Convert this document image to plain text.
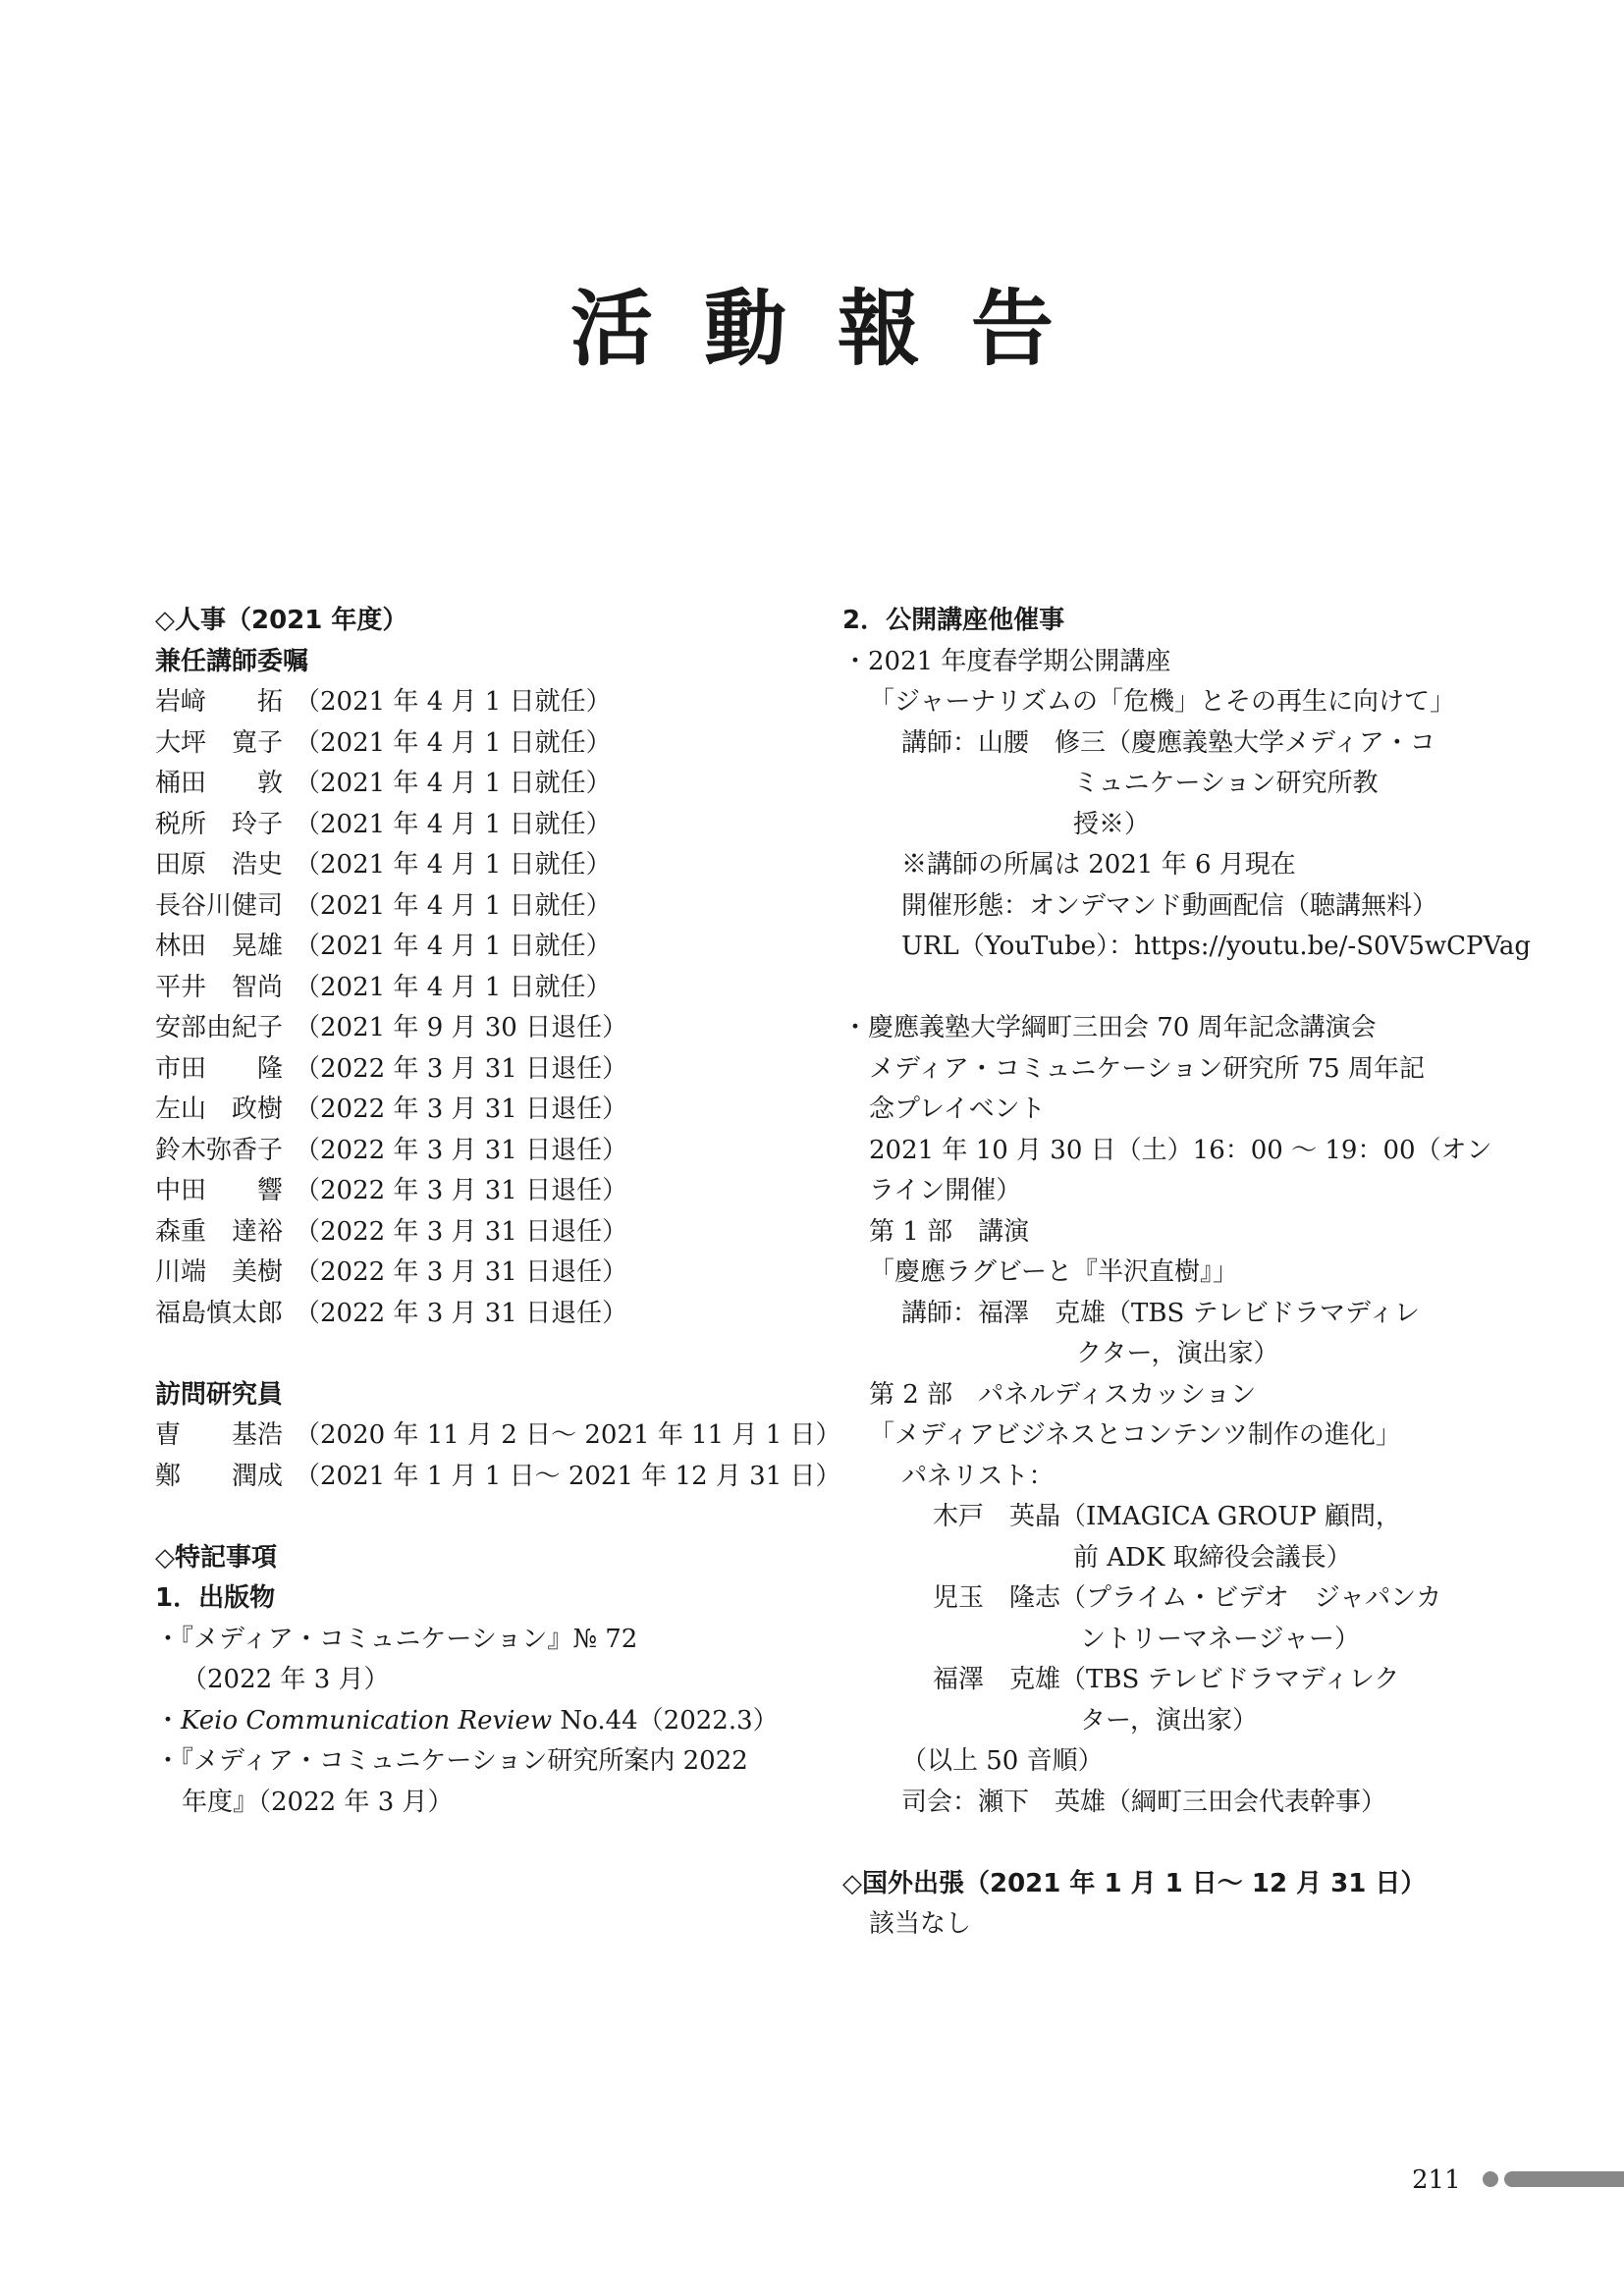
活動報告
◇人事（2021 年度）
兼任講師委嘱
岩﨑　　拓 （2021 年 4 月 1 日就任）
大坪　寛子 （2021 年 4 月 1 日就任）
桶田　　敦 （2021 年 4 月 1 日就任）
税所　玲子 （2021 年 4 月 1 日就任）
田原　浩史 （2021 年 4 月 1 日就任）
長谷川健司 （2021 年 4 月 1 日就任）
林田　晃雄 （2021 年 4 月 1 日就任）
平井　智尚 （2021 年 4 月 1 日就任）
安部由紀子 （2021 年 9 月 30 日退任）
市田　　隆 （2022 年 3 月 31 日退任）
左山　政樹 （2022 年 3 月 31 日退任）
鈴木弥香子 （2022 年 3 月 31 日退任）
中田　　響 （2022 年 3 月 31 日退任）
森重　達裕 （2022 年 3 月 31 日退任）
川端　美樹 （2022 年 3 月 31 日退任）
福島慎太郎 （2022 年 3 月 31 日退任）
訪問研究員
曺　　基浩 （2020 年 11 月 2 日～ 2021 年 11 月 1 日）
鄭　　潤成 （2021 年 1 月 1 日～ 2021 年 12 月 31 日）
◇特記事項
1．出版物
・『メディア・コミュニケーション』№ 72
（2022 年 3 月）
・Keio Communication Review No.44（2022.3）
・『メディア・コミュニケーション研究所案内 2022
年度』（2022 年 3 月）
2．公開講座他催事
・2021 年度春学期公開講座
「ジャーナリズムの「危機」とその再生に向けて」
講師：山腰　修三（慶應義塾大学メディア・コ
ミュニケーション研究所教
授※）
※講師の所属は 2021 年 6 月現在
開催形態：オンデマンド動画配信（聴講無料）
URL（YouTube）：https://youtu.be/-S0V5wCPVag
・慶應義塾大学綱町三田会 70 周年記念講演会
メディア・コミュニケーション研究所 75 周年記
念プレイベント
2021 年 10 月 30 日（土）16：00 ～ 19：00（オン
ライン開催）
第 1 部　講演
「慶應ラグビーと『半沢直樹』」
講師：福澤　克雄（TBS テレビドラマディレ
クター，演出家）
第 2 部　パネルディスカッション
「メディアビジネスとコンテンツ制作の進化」
パネリスト：
木戸　英晶（IMAGICA GROUP 顧問，
前 ADK 取締役会議長）
児玉　隆志（プライム・ビデオ　ジャパンカ
ントリーマネージャー）
福澤　克雄（TBS テレビドラマディレク
ター，演出家）
（以上 50 音順）
司会：瀬下　英雄（綱町三田会代表幹事）
◇国外出張（2021 年 1 月 1 日～ 12 月 31 日）
該当なし
211
